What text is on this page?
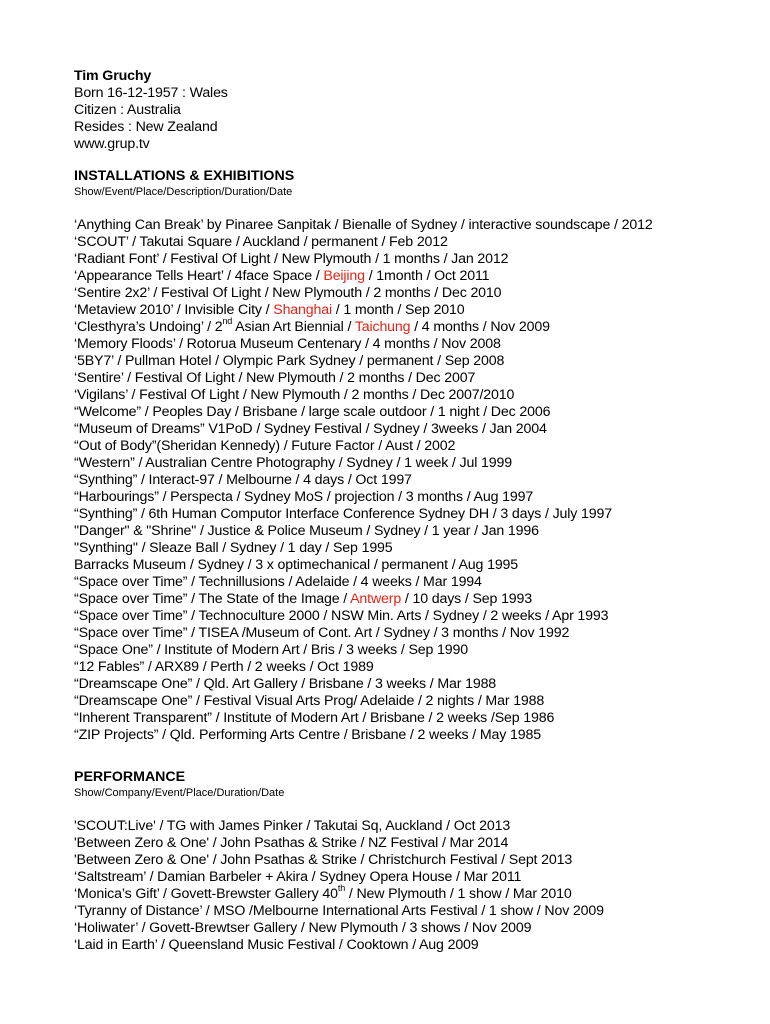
Tim Gruchy
Born 16-12-1957 : Wales
Citizen : Australia
Resides : New Zealand
www.grup.tv
INSTALLATIONS & EXHIBITIONS
Show/Event/Place/Description/Duration/Date
‘Anything Can Break’ by Pinaree Sanpitak / Bienalle of Sydney / interactive soundscape / 2012
‘SCOUT’ / Takutai Square / Auckland / permanent / Feb 2012
‘Radiant Font’ / Festival Of Light / New Plymouth / 1 months / Jan 2012
‘Appearance Tells Heart’ / 4face Space / Beijing / 1month / Oct 2011
‘Sentire 2x2’ / Festival Of Light / New Plymouth / 2 months / Dec 2010
‘Metaview 2010’ / Invisible City / Shanghai / 1 month / Sep 2010
‘Clesthyra’s Undoing’ / 2nd Asian Art Biennial / Taichung / 4 months / Nov 2009
‘Memory Floods’ / Rotorua Museum Centenary / 4 months / Nov 2008
‘5BY7’ / Pullman Hotel / Olympic Park Sydney / permanent / Sep 2008
‘Sentire’ / Festival Of Light / New Plymouth / 2 months / Dec 2007
‘Vigilans’ / Festival Of Light / New Plymouth / 2 months / Dec 2007/2010
“Welcome” / Peoples Day / Brisbane / large scale outdoor / 1 night / Dec 2006
“Museum of Dreams” V1PoD / Sydney Festival / Sydney / 3weeks / Jan 2004
“Out of Body”(Sheridan Kennedy) / Future Factor / Aust / 2002
“Western” / Australian Centre Photography / Sydney / 1 week / Jul 1999
“Synthing” / Interact-97 / Melbourne / 4 days / Oct 1997
“Harbourings” / Perspecta / Sydney MoS / projection / 3 months / Aug 1997
“Synthing” / 6th Human Computor Interface Conference Sydney DH / 3 days / July 1997
"Danger" & "Shrine" / Justice & Police Museum / Sydney / 1 year / Jan 1996
"Synthing" / Sleaze Ball / Sydney / 1 day / Sep 1995
Barracks Museum / Sydney / 3 x optimechanical / permanent / Aug 1995
“Space over Time” / Technillusions / Adelaide / 4 weeks / Mar 1994
“Space over Time” / The State of the Image / Antwerp / 10 days / Sep 1993
“Space over Time” / Technoculture 2000 / NSW Min. Arts / Sydney / 2 weeks / Apr 1993
“Space over Time” / TISEA /Museum of Cont. Art / Sydney / 3 months / Nov 1992
“Space One” / Institute of Modern Art / Bris / 3 weeks / Sep 1990
“12 Fables” / ARX89 / Perth / 2 weeks / Oct 1989
“Dreamscape One” / Qld. Art Gallery / Brisbane / 3 weeks / Mar 1988
“Dreamscape One” / Festival Visual Arts Prog/ Adelaide / 2 nights / Mar 1988
“Inherent Transparent” / Institute of Modern Art / Brisbane / 2 weeks /Sep 1986
“ZIP Projects” / Qld. Performing Arts Centre / Brisbane / 2 weeks / May 1985
PERFORMANCE
Show/Company/Event/Place/Duration/Date
'SCOUT:Live' / TG with James Pinker / Takutai Sq, Auckland / Oct 2013
'Between Zero & One' / John Psathas & Strike / NZ Festival / Mar 2014
'Between Zero & One' / John Psathas & Strike / Christchurch Festival / Sept 2013
‘Saltstream’ / Damian Barbeler + Akira / Sydney Opera House / Mar 2011
‘Monica’s Gift’ / Govett-Brewster Gallery 40th / New Plymouth / 1 show / Mar 2010
‘Tyranny of Distance’ / MSO /Melbourne International Arts Festival / 1 show / Nov 2009
‘Holiwater’ / Govett-Brewtser Gallery / New Plymouth / 3 shows / Nov 2009
‘Laid in Earth’ / Queensland Music Festival / Cooktown / Aug 2009
